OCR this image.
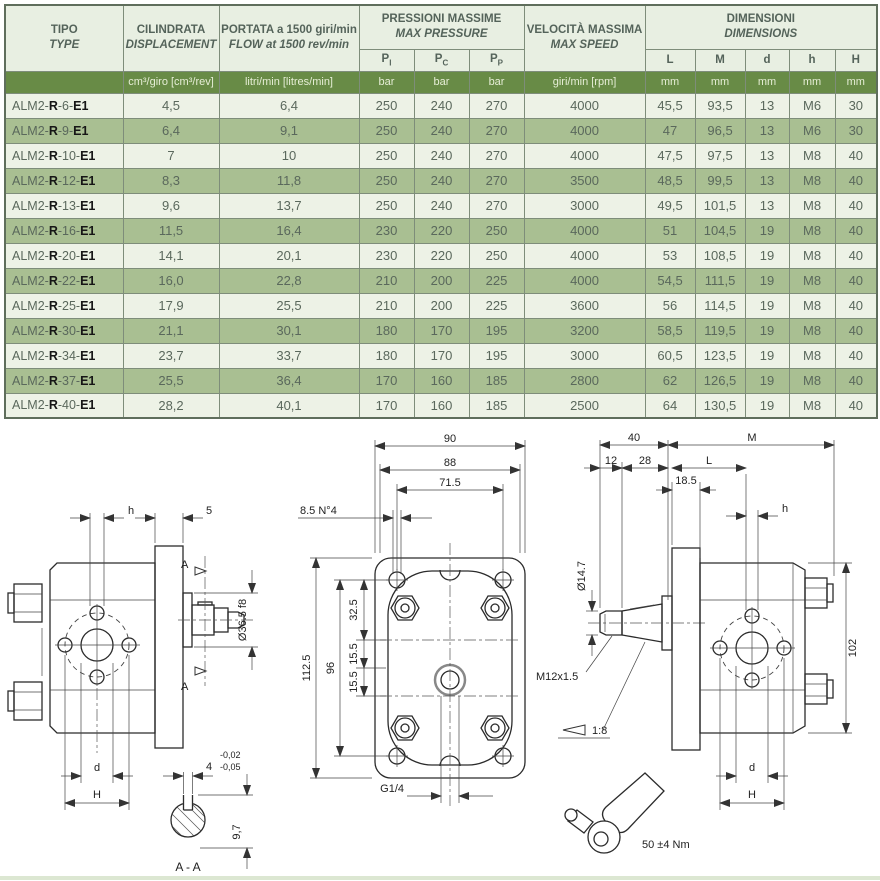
TIPO
TYPE	CILINDRATA
DISPLACEMENT	PORTATA a 1500 giri/min
FLOW at 1500 rev/min	PRESSIONI MASSIME
MAX PRESSURE			VELOCITÀ MASSIMA
MAX SPEED	DIMENSIONI
DIMENSIONS				

			$P_I$	$P_C$	$P_P$		L	M	d	h	H
	cm³/giro [cm³/rev]	litri/min [litres/min]	bar	bar	bar	giri/min [rpm]	mm	mm	mm	mm	mm
ALM2-R-6-E1	4,5	6,4	250	240	270	4000	45,5	93,5	13	M6	30
ALM2-R-9-E1	6,4	9,1	250	240	270	4000	47	96,5	13	M6	30
ALM2-R-10-E1	7	10	250	240	270	4000	47,5	97,5	13	M8	40
ALM2-R-12-E1	8,3	11,8	250	240	270	3500	48,5	99,5	13	M8	40
ALM2-R-13-E1	9,6	13,7	250	240	270	3000	49,5	101,5	13	M8	40
ALM2-R-16-E1	11,5	16,4	230	220	250	4000	51	104,5	19	M8	40
ALM2-R-20-E1	14,1	20,1	230	220	250	4000	53	108,5	19	M8	40
ALM2-R-22-E1	16,0	22,8	210	200	225	4000	54,5	111,5	19	M8	40
ALM2-R-25-E1	17,9	25,5	210	200	225	3600	56	114,5	19	M8	40
ALM2-R-30-E1	21,1	30,1	180	170	195	3200	58,5	119,5	19	M8	40
ALM2-R-34-E1	23,7	33,7	180	170	195	3000	60,5	123,5	19	M8	40
ALM2-R-37-E1	25,5	36,4	170	160	185	2800	62	126,5	19	M8	40
ALM2-R-40-E1	28,2	40,1	170	160	185	2500	64	130,5	19	M8	40
h	5
A
A
Ø36.5 f8
d
H
-0,02
4 -0,05
9,7
A - A
90
88
71.5
8.5 N°4
112.5 96
32.5
15.5
15.5
G1/4
40	M
12 28	L
18.5
h
Ø14.7
M12x1.5
1:8
102
d
H
50 ±4 Nm
